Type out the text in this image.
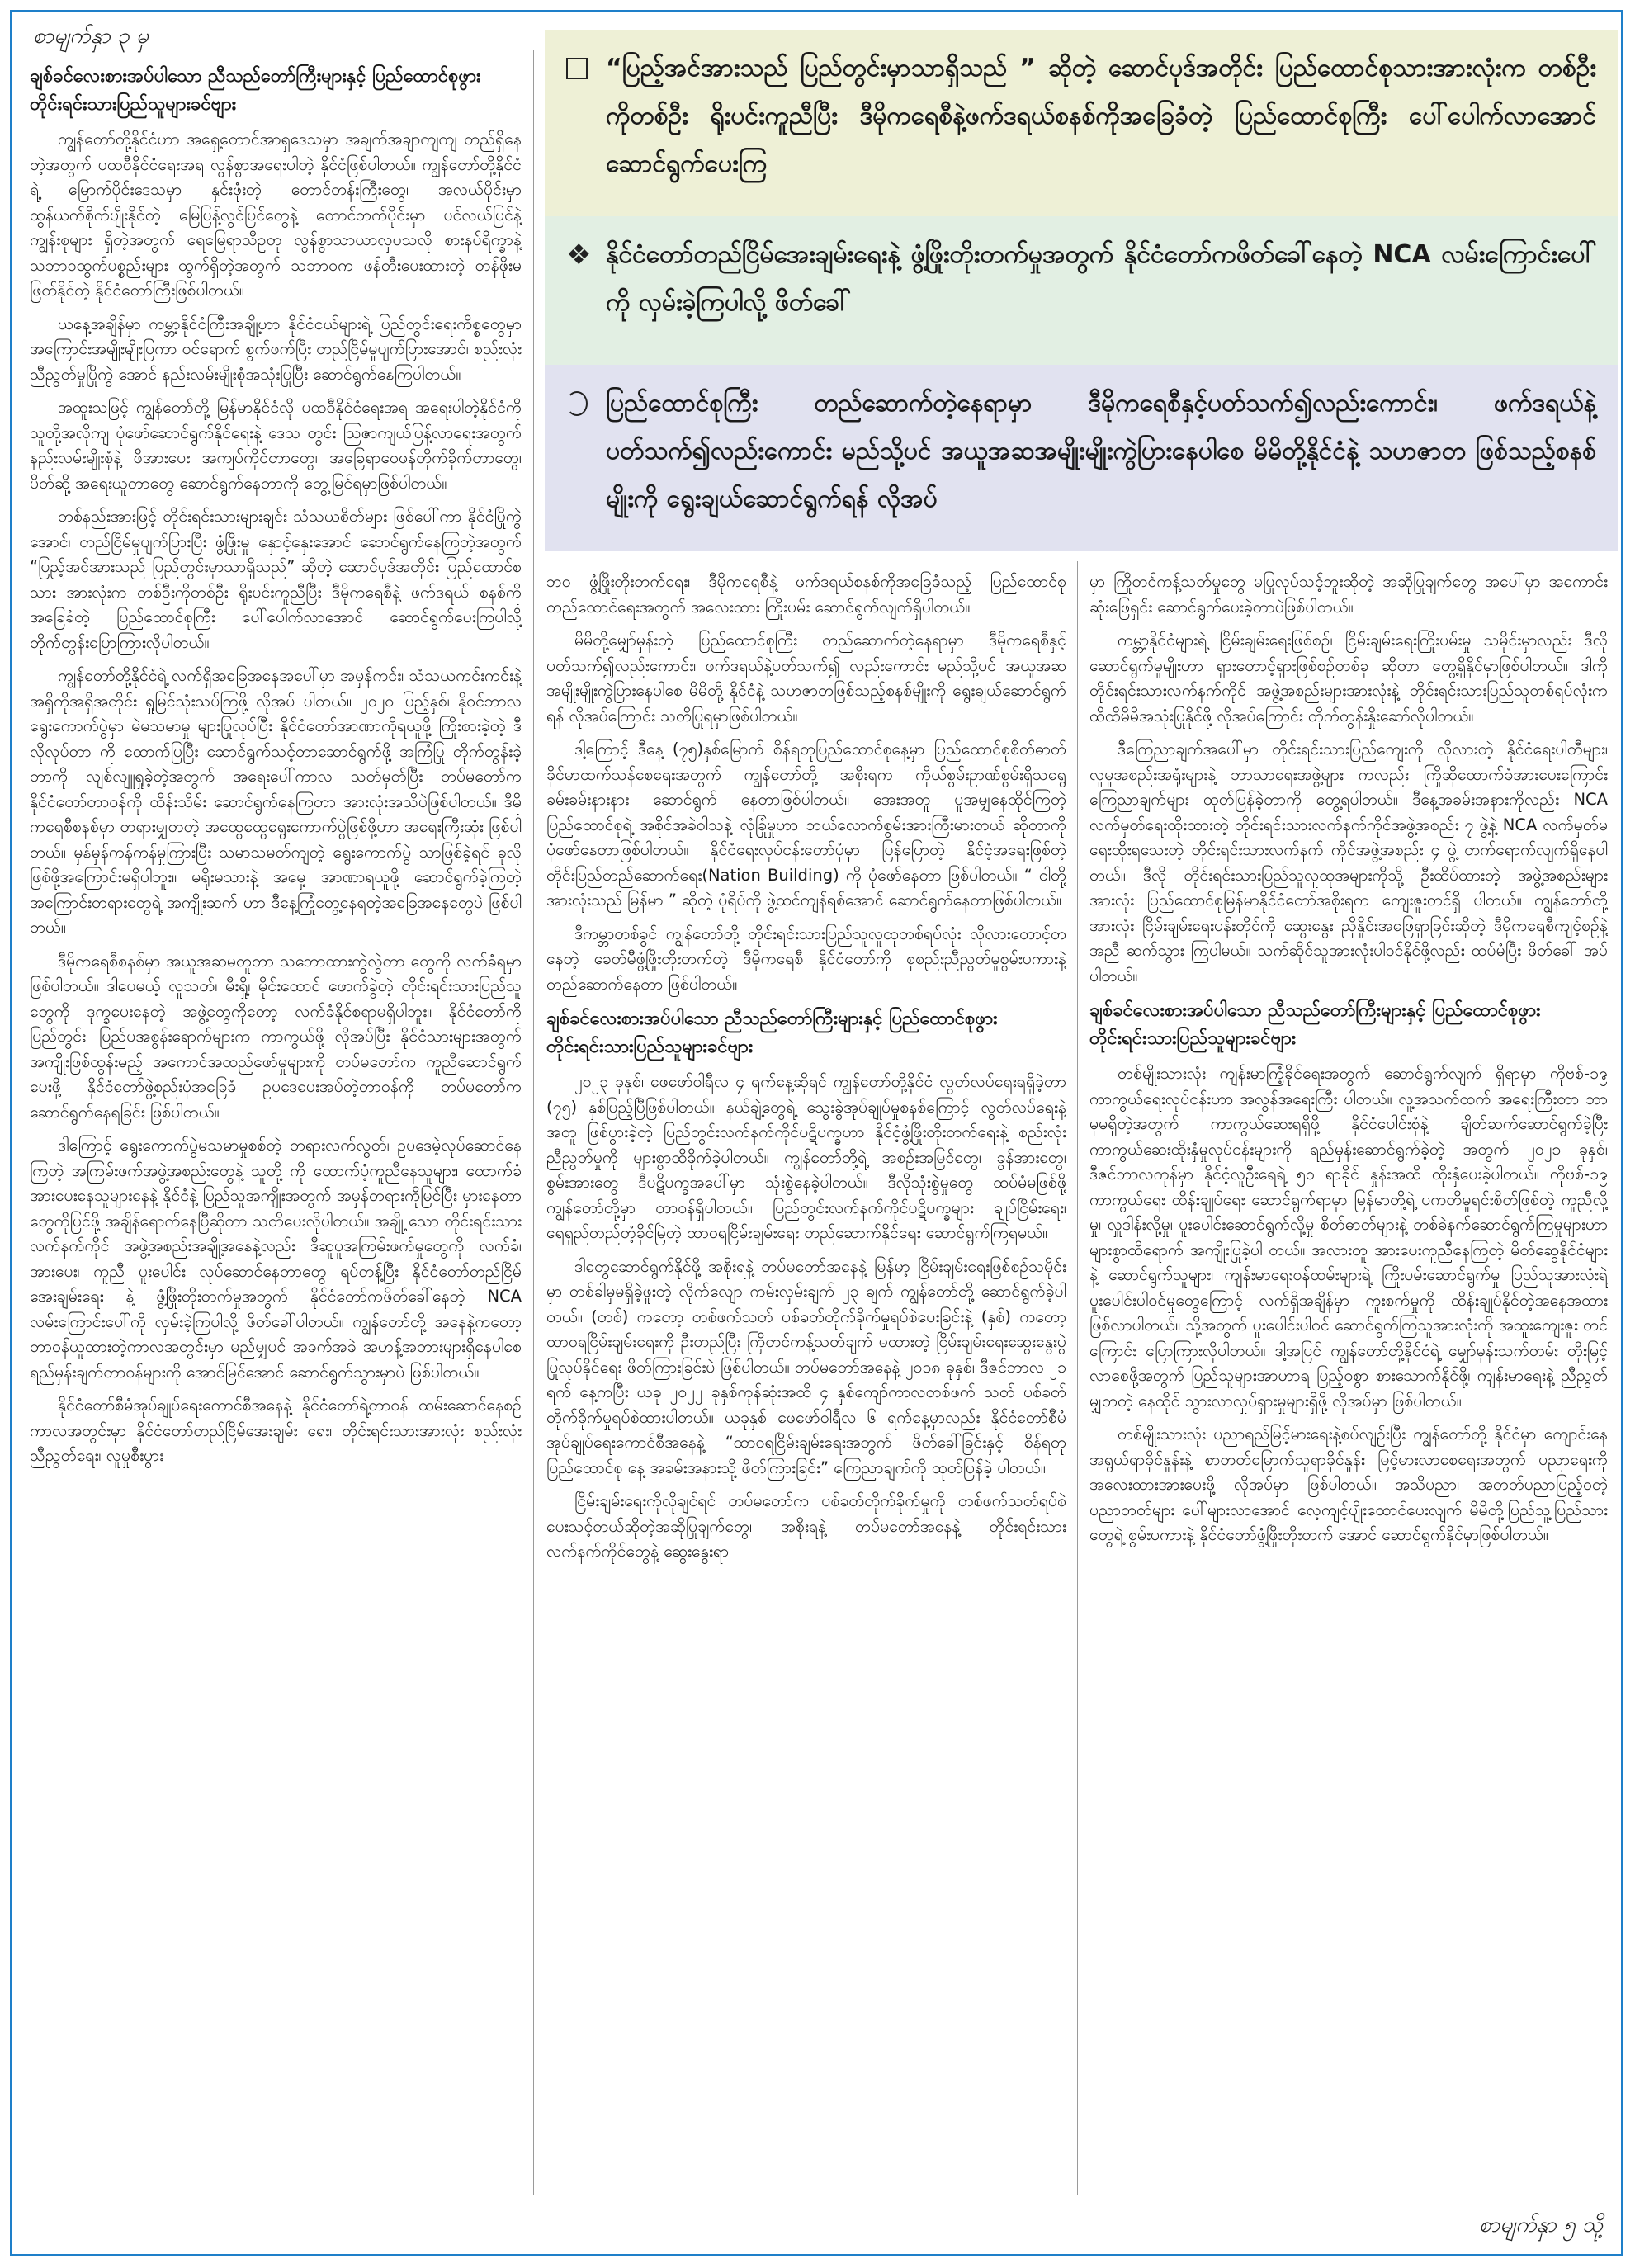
စာမျက်နှာ ၃ မှ
စာမျက်နှာ ၅ သို့
“ပြည့်အင်အားသည် ပြည်တွင်းမှာသာရှိသည် ” ဆိုတဲ့ ဆောင်ပုဒ်အတိုင်း ပြည်ထောင်စုသားအားလုံးက တစ်ဦးကိုတစ်ဦး ရိုးပင်းကူညီပြီး ဒီမိုကရေစီနဲ့ဖက်ဒရယ်စနစ်ကိုအခြေခံတဲ့ ပြည်ထောင်စုကြီး ပေါ်ပေါက်လာအောင် ဆောင်ရွက်ပေးကြ
❖ နိုင်ငံတော်တည်ငြိမ်အေးချမ်းရေးနဲ့ ဖွံ့ဖြိုးတိုးတက်မှုအတွက် နိုင်ငံတော်ကဖိတ်ခေါ်နေတဲ့ NCA လမ်းကြောင်းပေါ်ကို လှမ်းခဲ့ကြပါလို့ ဖိတ်ခေါ်
ပြည်ထောင်စုကြီး တည်ဆောက်တဲ့နေရာမှာ ဒီမိုကရေစီနှင့်ပတ်သက်၍လည်းကောင်း၊ ဖက်ဒရယ်နဲ့ ပတ်သက်၍လည်းကောင်း မည်သို့ပင် အယူအဆအမျိုးမျိုးကွဲပြားနေပါစေ မိမိတို့နိုင်ငံနဲ့ သဟဇာတ ဖြစ်သည့်စနစ်မျိုးကို ရွေးချယ်ဆောင်ရွက်ရန် လိုအပ်
ချစ်ခင်လေးစားအပ်ပါသော ညီသည်တော်ကြီးများနှင့် ပြည်ထောင်စုဖွား တိုင်းရင်းသားပြည်သူများခင်ဗျား

ကျွန်တော်တို့နိုင်ငံဟာ အရှေ့တောင်အာရှဒေသမှာ အချက်အချာကျကျ တည်ရှိနေတဲ့အတွက် ပထဝီနိုင်ငံရေးအရ လွန်စွာအရေးပါတဲ့ နိုင်ငံဖြစ်ပါတယ်။ ကျွန်တော်တို့နိုင်ငံရဲ့ မြောက်ပိုင်းဒေသမှာ နှင်းဖုံးတဲ့ တောင်တန်းကြီးတွေ၊ အလယ်ပိုင်းမှာ ထွန်ယက်စိုက်ပျိုးနိုင်တဲ့ မြေပြန့်လွင်ပြင်တွေနဲ့ တောင်ဘက်ပိုင်းမှာ ပင်လယ်ပြင်နဲ့ ကျွန်းစုများ ရှိတဲ့အတွက် ရေမြေရာသီဥတု လွန်စွာသာယာလှပသလို စားနပ်ရိက္ခာနဲ့ သဘာဝထွက်ပစ္စည်းများ ထွက်ရှိတဲ့အတွက် သဘာဝက ဖန်တီးပေးထားတဲ့ တန်ဖိုးမဖြတ်နိုင်တဲ့ နိုင်ငံတော်ကြီးဖြစ်ပါတယ်။

ယနေ့အချိန်မှာ ကမ္ဘာ့နိုင်ငံကြီးအချို့ဟာ နိုင်ငံငယ်များရဲ့ ပြည်တွင်းရေးကိစ္စတွေမှာ အကြောင်းအမျိုးမျိုးပြကာ ဝင်ရောက် စွက်ဖက်ပြီး တည်ငြိမ်မှုပျက်ပြားအောင်၊ စည်းလုံးညီညွတ်မှုပြိုကွဲ အောင် နည်းလမ်းမျိုးစုံအသုံးပြုပြီး ဆောင်ရွက်နေကြပါတယ်။

အထူးသဖြင့် ကျွန်တော်တို့ မြန်မာနိုင်ငံလို ပထဝီနိုင်ငံရေးအရ အရေးပါတဲ့နိုင်ငံကို သူတို့အလိုကျ ပုံဖော်ဆောင်ရွက်နိုင်ရေးနဲ့ ဒေသ တွင်း ဩဇာကျယ်ပြန့်လာရေးအတွက် နည်းလမ်းမျိုးစုံနဲ့ ဖိအားပေး အကျပ်ကိုင်တာတွေ၊ အခြေရာဝေဖန်တိုက်ခိုက်တာတွေ၊ ပိတ်ဆို့ အရေးယူတာတွေ ဆောင်ရွက်နေတာကို တွေ့မြင်ရမှာဖြစ်ပါတယ်။

တစ်နည်းအားဖြင့် တိုင်းရင်းသားများချင်း သံသယစိတ်များ ဖြစ်ပေါ်ကာ နိုင်ငံပြိုကွဲအောင်၊ တည်ငြိမ်မှုပျက်ပြားပြီး ဖွံ့ဖြိုးမှု နှောင့်နှေးအောင် ဆောင်ရွက်နေကြတဲ့အတွက် “ပြည့်အင်အားသည် ပြည်တွင်းမှာသာရှိသည်” ဆိုတဲ့ ဆောင်ပုဒ်အတိုင်း ပြည်ထောင်စုသား အားလုံးက တစ်ဦးကိုတစ်ဦး ရိုးပင်းကူညီပြီး ဒီမိုကရေစီနဲ့ ဖက်ဒရယ် စနစ်ကိုအခြေခံတဲ့ ပြည်ထောင်စုကြီး ပေါ်ပေါက်လာအောင် ဆောင်ရွက်ပေးကြပါလို့ တိုက်တွန်းပြောကြားလိုပါတယ်။

ကျွန်တော်တို့နိုင်ငံရဲ့ လက်ရှိအခြေအနေအပေါ်မှာ အမှန်ကင်း၊ သံသယကင်းကင်းနဲ့ အရှိကိုအရှိအတိုင်း ရှုမြင်သုံးသပ်ကြဖို့ လိုအပ် ပါတယ်။ ၂၀၂၀ ပြည့်နှစ်၊ နိုဝင်ဘာလရွေးကောက်ပွဲမှာ မဲမသမာမှု များပြုလုပ်ပြီး နိုင်ငံတော်အာဏာကိုရယူဖို့ ကြိုးစားခဲ့တဲ့ ဒီလိုလုပ်တာ ကို ထောက်ပြပြီး ဆောင်ရွက်သင့်တာဆောင်ရွက်ဖို့ အကြံပြု တိုက်တွန်းခဲ့တာကို လျစ်လျူရှုခဲ့တဲ့အတွက် အရေးပေါ်ကာလ သတ်မှတ်ပြီး တပ်မတော်က နိုင်ငံတော်တာဝန်ကို ထိန်းသိမ်း ဆောင်ရွက်နေကြတာ အားလုံးအသိပဲဖြစ်ပါတယ်။ ဒီမိုကရေစီစနစ်မှာ တရားမျှတတဲ့ အထွေထွေရွေးကောက်ပွဲဖြစ်ဖို့ဟာ အရေးကြီးဆုံး ဖြစ်ပါတယ်။ မှန်မှန်ကန်ကန်မှုကြားပြီး သမာသမတ်ကျတဲ့ ရွေးကောက်ပွဲ သာဖြစ်ခဲ့ရင် ခုလိုဖြစ်ဖို့အကြောင်းမရှိပါဘူး။ မရိုးမသားနဲ့ အမှေ့ အာဏာရယူဖို့ ဆောင်ရွက်ခဲ့ကြတဲ့ အကြောင်းတရားတွေရဲ့ အကျိုးဆက် ဟာ ဒီနေ့ကြုံတွေ့နေရတဲ့အခြေအနေတွေပဲ ဖြစ်ပါတယ်။

ဒီမိုကရေစီစနစ်မှာ အယူအဆမတူတာ သဘောထားကွဲလွဲတာ တွေကို လက်ခံရမှာဖြစ်ပါတယ်။ ဒါပေမယ့် လူသတ်၊ မီးရှို့၊ မိုင်းထောင် ဖောက်ခွဲတဲ့ တိုင်းရင်းသားပြည်သူတွေကို ဒုက္ခပေးနေတဲ့ အဖွဲ့တွေကိုတော့ လက်ခံနိုင်စရာမရှိပါဘူး။ နိုင်ငံတော်ကို ပြည်တွင်း၊ ပြည်ပအစွန်းရောက်များက ကာကွယ်ဖို့ လိုအပ်ပြီး နိုင်ငံသားများအတွက် အကျိုးဖြစ်ထွန်းမည့် အကောင်အထည်ဖော်မှုများကို တပ်မတော်က ကူညီဆောင်ရွက်ပေးဖို့ နိုင်ငံတော်ဖွဲ့စည်းပုံအခြေခံ ဥပဒေပေးအပ်တဲ့တာဝန်ကို တပ်မတော်က ဆောင်ရွက်နေရခြင်း ဖြစ်ပါတယ်။

ဒါကြောင့် ရွေးကောက်ပွဲမသမာမှုစစ်တဲ့ တရားလက်လွတ်၊ ဥပဒေမဲ့လုပ်ဆောင်နေကြတဲ့ အကြမ်းဖက်အဖွဲ့အစည်းတွေနဲ့ သူတို့ ကို ထောက်ပံ့ကူညီနေသူများ၊ ထောက်ခံအားပေးနေသူများနေနဲ့ နိုင်ငံနဲ့ ပြည်သူအကျိုးအတွက် အမှန်တရားကိုမြင်ပြီး မှားနေတာ တွေကိုပြင်ဖို့ အချိန်ရောက်နေပြီဆိုတာ သတိပေးလိုပါတယ်။ အချို့ သော တိုင်းရင်းသားလက်နက်ကိုင် အဖွဲ့အစည်းအချို့အနေနဲ့လည်း ဒီဆူပူအကြမ်းဖက်မှုတွေကို လက်ခံ၊ အားပေး၊ ကူညီ ပူးပေါင်း လုပ်ဆောင်နေတာတွေ ရပ်တန့်ပြီး နိုင်ငံတော်တည်ငြိမ်အေးချမ်းရေး နဲ့ ဖွံ့ဖြိုးတိုးတက်မှုအတွက် နိုင်ငံတော်ကဖိတ်ခေါ်နေတဲ့ NCA လမ်းကြောင်းပေါ်ကို လှမ်းခဲ့ကြပါလို့ ဖိတ်ခေါ်ပါတယ်။ ကျွန်တော်တို့ အနေနဲ့ကတော့ တာဝန်ယူထားတဲ့ကာလအတွင်းမှာ မည်မျှပင် အခက်အခဲ အဟန့်အတားများရှိနေပါစေ ရည်မှန်းချက်တာဝန်များကို အောင်မြင်အောင် ဆောင်ရွက်သွားမှာပဲ ဖြစ်ပါတယ်။

နိုင်ငံတော်စီမံအုပ်ချုပ်ရေးကောင်စီအနေနဲ့ နိုင်ငံတော်ရဲ့တာဝန် ထမ်းဆောင်နေစဉ်ကာလအတွင်းမှာ နိုင်ငံတော်တည်ငြိမ်အေးချမ်း ရေး၊ တိုင်းရင်းသားအားလုံး စည်းလုံးညီညွတ်ရေး၊ လူမှုစီးပွား

ဘဝ ဖွံ့ဖြိုးတိုးတက်ရေး၊ ဒီမိုကရေစီနဲ့ ဖက်ဒရယ်စနစ်ကိုအခြေခံသည့် ပြည်ထောင်စုတည်ထောင်ရေးအတွက် အလေးထား ကြိုးပမ်း ဆောင်ရွက်လျက်ရှိပါတယ်။

မိမိတို့မျှော်မှန်းတဲ့ ပြည်ထောင်စုကြီး တည်ဆောက်တဲ့နေရာမှာ ဒီမိုကရေစီနှင့်ပတ်သက်၍လည်းကောင်း၊ ဖက်ဒရယ်နဲ့ပတ်သက်၍ လည်းကောင်း မည်သို့ပင် အယူအဆအမျိုးမျိုးကွဲပြားနေပါစေ မိမိတို့ နိုင်ငံနဲ့ သဟဇာတဖြစ်သည့်စနစ်မျိုးကို ရွေးချယ်ဆောင်ရွက်ရန် လိုအပ်ကြောင်း သတိပြုရမှာဖြစ်ပါတယ်။

ဒါ့ကြောင့် ဒီနေ့ (၇၅)နှစ်မြောက် စိန်ရတုပြည်ထောင်စုနေ့မှာ ပြည်ထောင်စုစိတ်ဓာတ် ခိုင်မာထက်သန်စေရေးအတွက် ကျွန်တော်တို့ အစိုးရက ကိုယ်စွမ်းဥာဏ်စွမ်းရှိသရွေ့ ခမ်းခမ်းနားနား ဆောင်ရွက် နေတာဖြစ်ပါတယ်။ အေးအတူ ပူအမျှနေထိုင်ကြတဲ့ ပြည်ထောင်စုရဲ့ အစိုင်အခဲဝါသနဲ့ လုံခြုံမှုဟာ ဘယ်လောက်စွမ်းအားကြီးမားတယ် ဆိုတာကို ပုံဖော်နေတာဖြစ်ပါတယ်။ နိုင်ငံရေးလုပ်ငန်းတော်ပုံမှာ ပြန်ပြောတဲ့ နိုင်ငံ့အရေးဖြစ်တဲ့ တိုင်းပြည်တည်ဆောက်ရေး(Nation Building) ကို ပုံဖော်နေတာ ဖြစ်ပါတယ်။ “ ငါတို့အားလုံးသည် မြန်မာ ” ဆိုတဲ့ ပုံရိပ်ကို ဖွဲ့ထင်ကျန်ရစ်အောင် ဆောင်ရွက်နေတာဖြစ်ပါတယ်။

ဒီကမ္ဘာတစ်ခွင် ကျွန်တော်တို့ တိုင်းရင်းသားပြည်သူလူထုတစ်ရပ်လုံး လိုလားတောင့်တနေတဲ့ ခေတ်မီဖွံ့ဖြိုးတိုးတက်တဲ့ ဒီမိုကရေစီ နိုင်ငံတော်ကို စုစည်းညီညွတ်မှုစွမ်းပကားနဲ့ တည်ဆောက်နေတာ ဖြစ်ပါတယ်။

ချစ်ခင်လေးစားအပ်ပါသော ညီသည်တော်ကြီးများနှင့် ပြည်ထောင်စုဖွား တိုင်းရင်းသားပြည်သူများခင်ဗျား

၂၀၂၃ ခုနှစ်၊ ဖေဖော်ဝါရီလ ၄ ရက်နေ့ဆိုရင် ကျွန်တော်တို့နိုင်ငံ လွတ်လပ်ရေးရရှိခဲ့တာ (၇၅) နှစ်ပြည့်ပြီဖြစ်ပါတယ်။ နယ်ချဲ့တွေရဲ့ သွေးခွဲအုပ်ချုပ်မှုစနစ်ကြောင့် လွတ်လပ်ရေးနဲ့အတူ ဖြစ်ပွားခဲ့တဲ့ ပြည်တွင်းလက်နက်ကိုင်ပဋိပက္ခဟာ နိုင်ငံ့ဖွံ့ဖြိုးတိုးတက်ရေးနဲ့ စည်းလုံးညီညွတ်မှုကို များစွာထိခိုက်ခဲ့ပါတယ်။ ကျွန်တော်တို့ရဲ့ အစဉ်းအမြင်တွေ၊ ခွန်အားတွေ၊ စွမ်းအားတွေ ဒီပဋိပက္ခအပေါ်မှာ သုံးစွဲနေခဲ့ပါတယ်။ ဒီလိုသုံးစွဲမှုတွေ ထပ်မံမဖြစ်ဖို့ ကျွန်တော်တို့မှာ တာဝန်ရှိပါတယ်။ ပြည်တွင်းလက်နက်ကိုင်ပဋိပက္ခများ ချုပ်ငြိမ်းရေး၊ ရေရှည်တည်တံ့ခိုင်မြဲတဲ့ ထာဝရငြိမ်းချမ်းရေး တည်ဆောက်နိုင်ရေး ဆောင်ရွက်ကြရမယ်။

ဒါတွေဆောင်ရွက်နိုင်ဖို့ အစိုးရနဲ့ တပ်မတော်အနေနဲ့ မြန်မာ့ ငြိမ်းချမ်းရေးဖြစ်စဉ်သမိုင်းမှာ တစ်ခါမှမရှိခဲ့ဖူးတဲ့ လိုက်လျော ကမ်းလှမ်းချက် ၂၃ ချက် ကျွန်တော်တို့ ဆောင်ရွက်ခဲ့ပါတယ်။ (တစ်) ကတော့ တစ်ဖက်သတ် ပစ်ခတ်တိုက်ခိုက်မှုရပ်စဲပေးခြင်းနဲ့ (နှစ်) ကတော့ ထာဝရငြိမ်းချမ်းရေးကို ဦးတည်ပြီး ကြိုတင်ကန့်သတ်ချက် မထားတဲ့ ငြိမ်းချမ်းရေးဆွေးနွေးပွဲ ပြုလုပ်နိုင်ရေး ဖိတ်ကြားခြင်းပဲ ဖြစ်ပါတယ်။ တပ်မတော်အနေနဲ့ ၂၀၁၈ ခုနှစ်၊ ဒီဇင်ဘာလ ၂၁ ရက် နေ့ကပြီး ယခု ၂၀၂၂ ခုနှစ်ကုန်ဆုံးအထိ ၄ နှစ်ကျော်ကာလတစ်ဖက် သတ် ပစ်ခတ်တိုက်ခိုက်မှုရပ်စဲထားပါတယ်။ ယခုနှစ် ဖေဖော်ဝါရီလ ၆ ရက်နေ့မှာလည်း နိုင်ငံတော်စီမံအုပ်ချုပ်ရေးကောင်စီအနေနဲ့ “ထာဝရငြိမ်းချမ်းရေးအတွက် ဖိတ်ခေါ်ခြင်းနှင့် စိန်ရတုပြည်ထောင်စု နေ့ အခမ်းအနားသို့ ဖိတ်ကြားခြင်း” ကြေညာချက်ကို ထုတ်ပြန်ခဲ့ ပါတယ်။

ငြိမ်းချမ်းရေးကိုလိုချင်ရင် တပ်မတော်က ပစ်ခတ်တိုက်ခိုက်မှုကို တစ်ဖက်သတ်ရပ်စဲပေးသင့်တယ်ဆိုတဲ့အဆိုပြုချက်တွေ၊ အစိုးရနဲ့ တပ်မတော်အနေနဲ့ တိုင်းရင်းသားလက်နက်ကိုင်တွေနဲ့ ဆွေးနွေးရာ

မှာ ကြိုတင်ကန့်သတ်မှုတွေ မပြုလုပ်သင့်ဘူးဆိုတဲ့ အဆိုပြုချက်တွေ အပေါ်မှာ အကောင်းဆုံးဖြေရှင်း ဆောင်ရွက်ပေးခဲ့တာပဲဖြစ်ပါတယ်။

ကမ္ဘာ့နိုင်ငံများရဲ့ ငြိမ်းချမ်းရေးဖြစ်စဉ်၊ ငြိမ်းချမ်းရေးကြိုးပမ်းမှု သမိုင်းမှာလည်း ဒီလိုဆောင်ရွက်မှုမျိုးဟာ ရှားတောင့်ရှားဖြစ်စဉ်တစ်ခု ဆိုတာ တွေ့ရှိနိုင်မှာဖြစ်ပါတယ်။ ဒါကို တိုင်းရင်းသားလက်နက်ကိုင် အဖွဲ့အစည်းများအားလုံးနဲ့ တိုင်းရင်းသားပြည်သူတစ်ရပ်လုံးက ထိထိမိမိအသုံးပြုနိုင်ဖို့ လိုအပ်ကြောင်း တိုက်တွန်းနှိုးဆော်လိုပါတယ်။

ဒီကြေညာချက်အပေါ်မှာ တိုင်းရင်းသားပြည်ကျေးကို လိုလားတဲ့ နိုင်ငံရေးပါတီများ၊ လူမှုအစည်းအရုံးများနဲ့ ဘာသာရေးအဖွဲ့များ ကလည်း ကြိုဆိုထောက်ခံအားပေးကြောင်း ကြေညာချက်များ ထုတ်ပြန်ခဲ့တာကို တွေ့ရပါတယ်။ ဒီနေ့အခမ်းအနားကိုလည်း NCA လက်မှတ်ရေးထိုးထားတဲ့ တိုင်းရင်းသားလက်နက်ကိုင်အဖွဲ့အစည်း ၇ ဖွဲ့နဲ့ NCA လက်မှတ်မရေးထိုးရသေးတဲ့ တိုင်းရင်းသားလက်နက် ကိုင်အဖွဲ့အစည်း ၄ ဖွဲ့ တက်ရောက်လျက်ရှိနေပါတယ်။ ဒီလို တိုင်းရင်းသားပြည်သူလူထုအများကိုသို့ ဦးထိပ်ထားတဲ့ အဖွဲ့အစည်းများ အားလုံး ပြည်ထောင်စုမြန်မာနိုင်ငံတော်အစိုးရက ကျေးဇူးတင်ရှိ ပါတယ်။ ကျွန်တော်တို့အားလုံး ငြိမ်းချမ်းရေးပန်းတိုင်ကို ဆွေးနွေး ညှိနှိုင်းအဖြေရှာခြင်းဆိုတဲ့ ဒီမိုကရေစီကျင့်စဉ်နဲ့အညီ ဆက်သွား ကြပါမယ်။ သက်ဆိုင်သူအားလုံးပါဝင်နိုင်ဖို့လည်း ထပ်မံပြီး ဖိတ်ခေါ် အပ်ပါတယ်။

ချစ်ခင်လေးစားအပ်ပါသော ညီသည်တော်ကြီးများနှင့် ပြည်ထောင်စုဖွား တိုင်းရင်းသားပြည်သူများခင်ဗျား

တစ်မျိုးသားလုံး ကျန်းမာကြံ့ခိုင်ရေးအတွက် ဆောင်ရွက်လျက် ရှိရာမှာ ကိုဗစ်-၁၉ ကာကွယ်ရေးလုပ်ငန်းဟာ အလွန်အရေးကြီး ပါတယ်။ လူ့အသက်ထက် အရေးကြီးတာ ဘာမှမရှိတဲ့အတွက် ကာကွယ်ဆေးရရှိဖို့ နိုင်ငံပေါင်းစုံနဲ့ ချိတ်ဆက်ဆောင်ရွက်ခဲ့ပြီး ကာကွယ်ဆေးထိုးနှံမှုလုပ်ငန်းများကို ရည်မှန်းဆောင်ရွက်ခဲ့တဲ့ အတွက် ၂၀၂၁ ခုနှစ်၊ ဒီဇင်ဘာလကုန်မှာ နိုင်ငံ့လူဦးရေရဲ့ ၅၀ ရာခိုင် နှုန်းအထိ ထိုးနှံပေးခဲ့ပါတယ်။ ကိုဗစ်-၁၉ ကာကွယ်ရေး ထိန်းချုပ်ရေး ဆောင်ရွက်ရာမှာ မြန်မာတို့ရဲ့ ပကတိမှုရင်းစိတ်ဖြစ်တဲ့ ကူညီလို့မှု၊ လှူဒါန်းလို့မှု၊ ပူးပေါင်းဆောင်ရွက်လို့မှု စိတ်ဓာတ်များနဲ့ တစ်ခဲနက်ဆောင်ရွက်ကြမှုများဟာ များစွာထိရောက် အကျိုးပြုခဲ့ပါ တယ်။ အလားတူ အားပေးကူညီနေကြတဲ့ မိတ်ဆွေနိုင်ငံများနဲ့ ဆောင်ရွက်သူများ၊ ကျန်းမာရေးဝန်ထမ်းများရဲ့ ကြိုးပမ်းဆောင်ရွက်မှု ပြည်သူအားလုံးရဲ့ ပူးပေါင်းပါဝင်မှုတွေကြောင့် လက်ရှိ​အချိန်မှာ ကူးစက်မှုကို ထိန်းချုပ်နိုင်တဲ့အနေအထား ဖြစ်လာပါတယ်။ သို့အတွက် ပူးပေါင်းပါဝင် ဆောင်ရွက်ကြသူအားလုံးကို အထူးကျေးဇူး တင်ကြောင်း ပြောကြားလိုပါတယ်။ ဒါ့အပြင် ကျွန်တော်တို့နိုင်ငံရဲ့ မျှော်မှန်းသက်တမ်း တိုးမြင့်လာစေဖို့အတွက် ပြည်သူများအာဟာရ ပြည့်ဝစွာ စားသောက်နိုင်ဖို့၊ ကျန်းမာရေးနဲ့ ညီညွတ်မျှတတဲ့ နေထိုင် သွားလာလှုပ်ရှားမှုများရှိဖို့ လိုအပ်မှာ ဖြစ်ပါတယ်။

တစ်မျိုးသားလုံး ပညာရည်မြင့်မားရေးနဲ့စပ်လျဉ်းပြီး ကျွန်တော်တို့ နိုင်ငံမှာ ကျောင်းနေအရွယ်ရာခိုင်နှုန်းနဲ့ စာတတ်မြောက်သူရာခိုင်နှုန်း မြင့်မားလာစေရေးအတွက် ပညာရေးကို အလေးထားအားပေးဖို့ လိုအပ်မှာ ဖြစ်ပါတယ်။ အသိပညာ၊ အတတ်ပညာပြည့်ဝတဲ့ ပညာတတ်များ ပေါ်များလာအောင် လေ့ကျင့်ပျိုးထောင်ပေးလျက် မိမိတို့ပြည်သူ့ပြည်သားတွေရဲ့ စွမ်းပကားနဲ့ နိုင်ငံတော်ဖွံ့ဖြိုးတိုးတက် အောင် ဆောင်ရွက်နိုင်မှာဖြစ်ပါတယ်။
